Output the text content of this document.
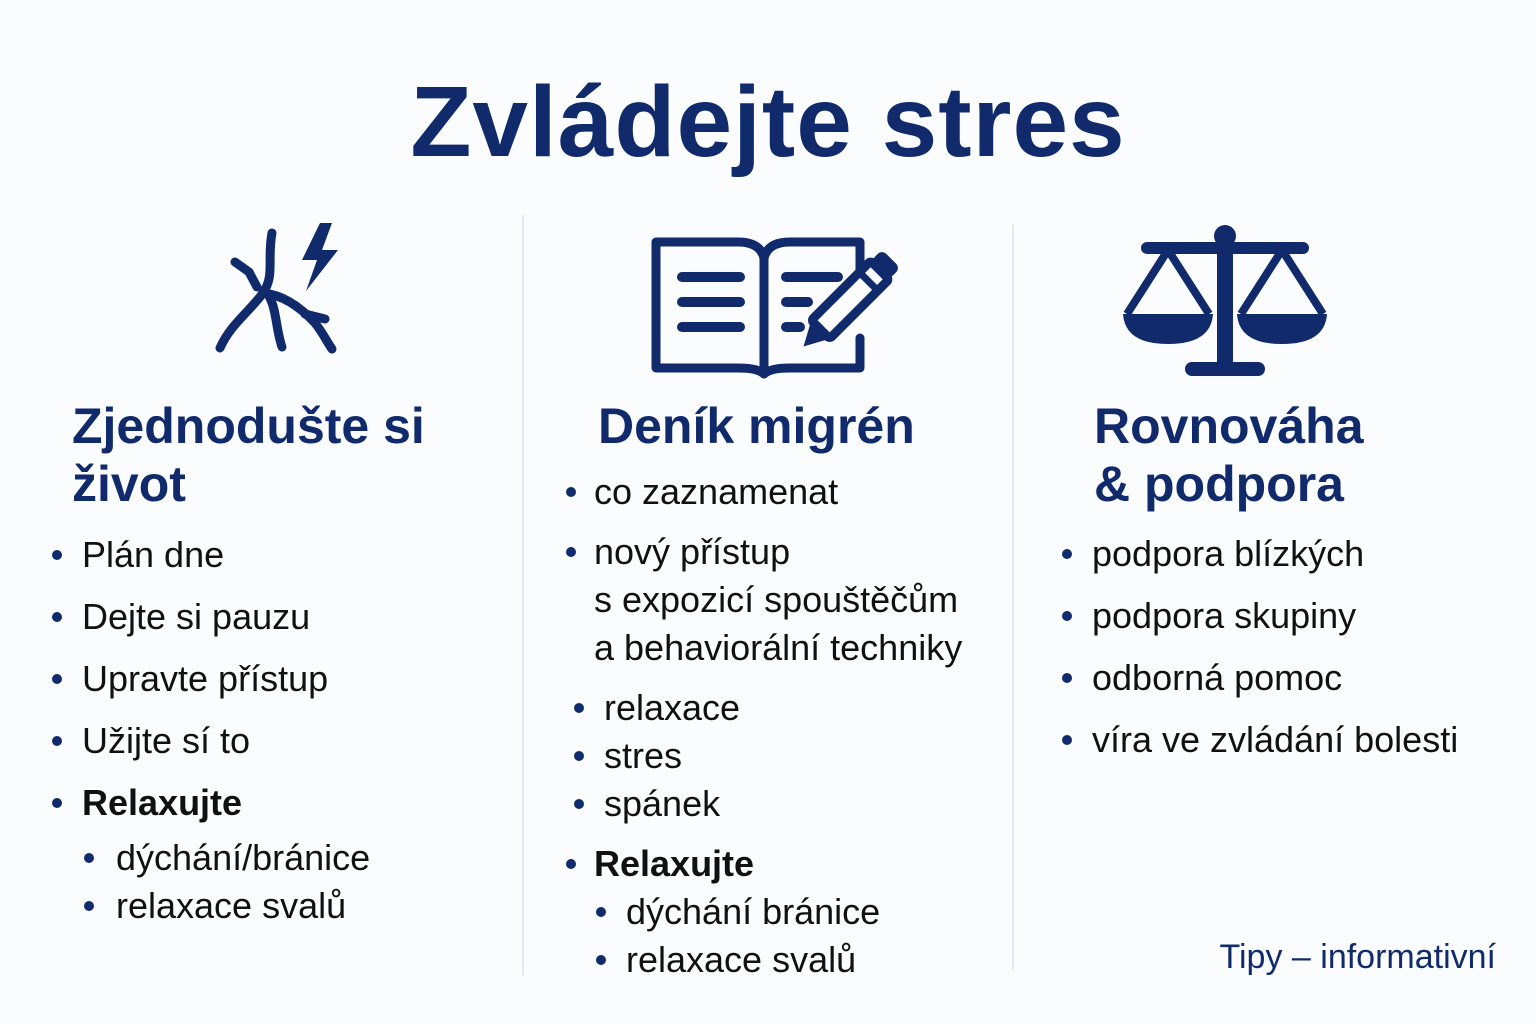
Zvládejte stres
Zjednodušte si
život
Plán dne
Dejte si pauzu
Upravte přístup
Užijte sí to
Relaxujte
dýchání/bránice
relaxace svalů
Deník migrén
co zaznamenat
nový přístup
s expozicí spouštěčům
a behaviorální techniky
relaxace
stres
spánek
Relaxujte
dýchání bránice
relaxace svalů
Rovnováha
& podpora
podpora blízkých
podpora skupiny
odborná pomoc
víra ve zvládání bolesti
Tipy – informativní
